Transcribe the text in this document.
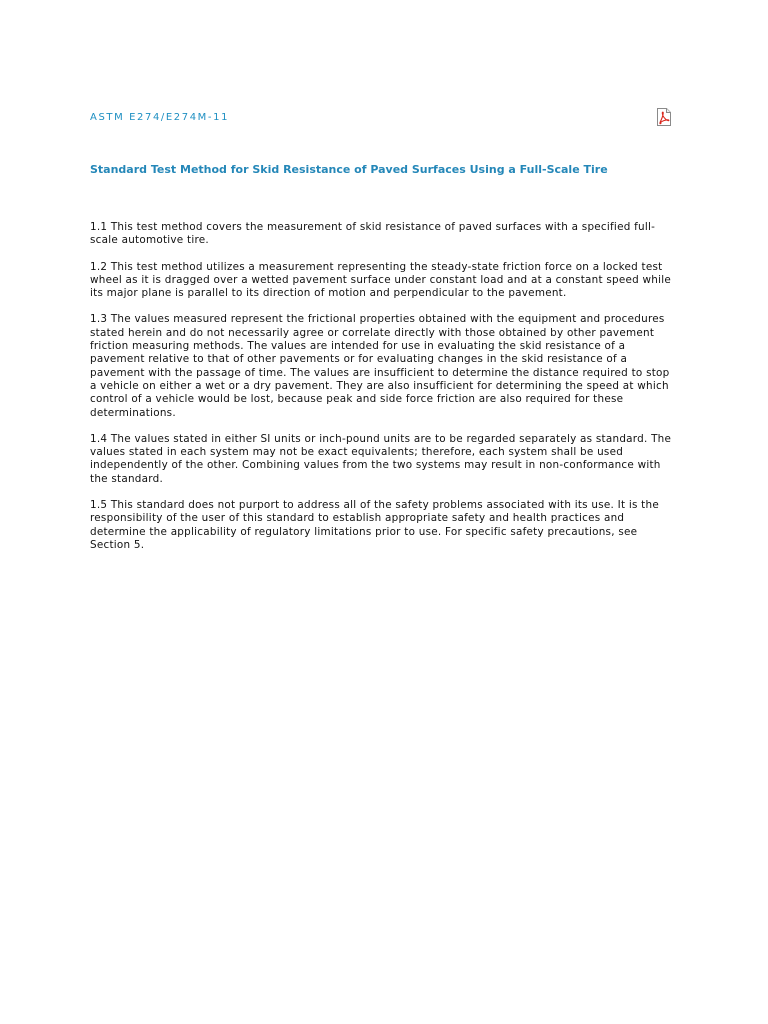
ASTM E274/E274M-11
Standard Test Method for Skid Resistance of Paved Surfaces Using a Full-Scale Tire

1.1 This test method covers the measurement of skid resistance of paved surfaces with a specified full-scale automotive tire.

1.2 This test method utilizes a measurement representing the steady-state friction force on a locked test wheel as it is dragged over a wetted pavement surface under constant load and at a constant speed while its major plane is parallel to its direction of motion and perpendicular to the pavement.

1.3 The values measured represent the frictional properties obtained with the equipment and procedures stated herein and do not necessarily agree or correlate directly with those obtained by other pavement friction measuring methods. The values are intended for use in evaluating the skid resistance of a pavement relative to that of other pavements or for evaluating changes in the skid resistance of a pavement with the passage of time. The values are insufficient to determine the distance required to stop a vehicle on either a wet or a dry pavement. They are also insufficient for determining the speed at which control of a vehicle would be lost, because peak and side force friction are also required for these determinations.

1.4 The values stated in either SI units or inch-pound units are to be regarded separately as standard. The values stated in each system may not be exact equivalents; therefore, each system shall be used independently of the other. Combining values from the two systems may result in non-conformance with the standard.

1.5 This standard does not purport to address all of the safety problems associated with its use. It is the responsibility of the user of this standard to establish appropriate safety and health practices and determine the applicability of regulatory limitations prior to use. For specific safety precautions, see Section 5.
